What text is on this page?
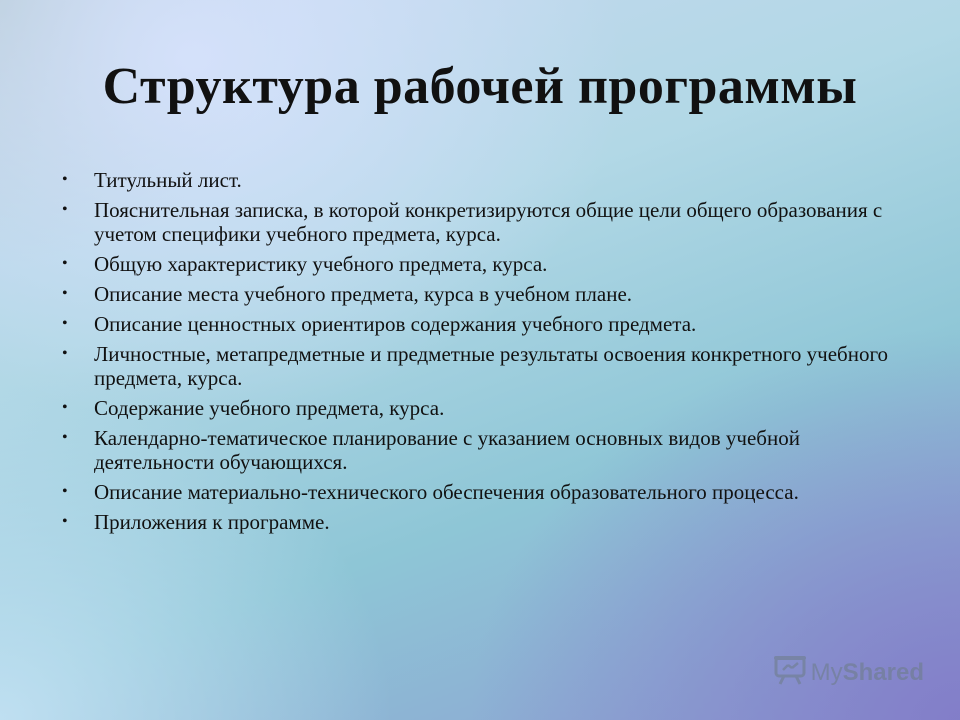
Структура рабочей программы
•	Титульный лист.
•	Пояснительная записка, в которой конкретизируются общие цели общего образования с учетом специфики учебного предмета, курса.
•	Общую характеристику учебного предмета, курса.
•	Описание места учебного предмета, курса в учебном плане.
•	Описание ценностных ориентиров содержания учебного предмета.
•	Личностные, метапредметные и предметные результаты освоения конкретного учебного предмета, курса.
•	Содержание учебного предмета, курса.
•	Календарно-тематическое планирование с указанием основных видов учебной деятельности обучающихся.
•	Описание материально-технического обеспечения образовательного процесса.
•	Приложения к программе.
MyShared
